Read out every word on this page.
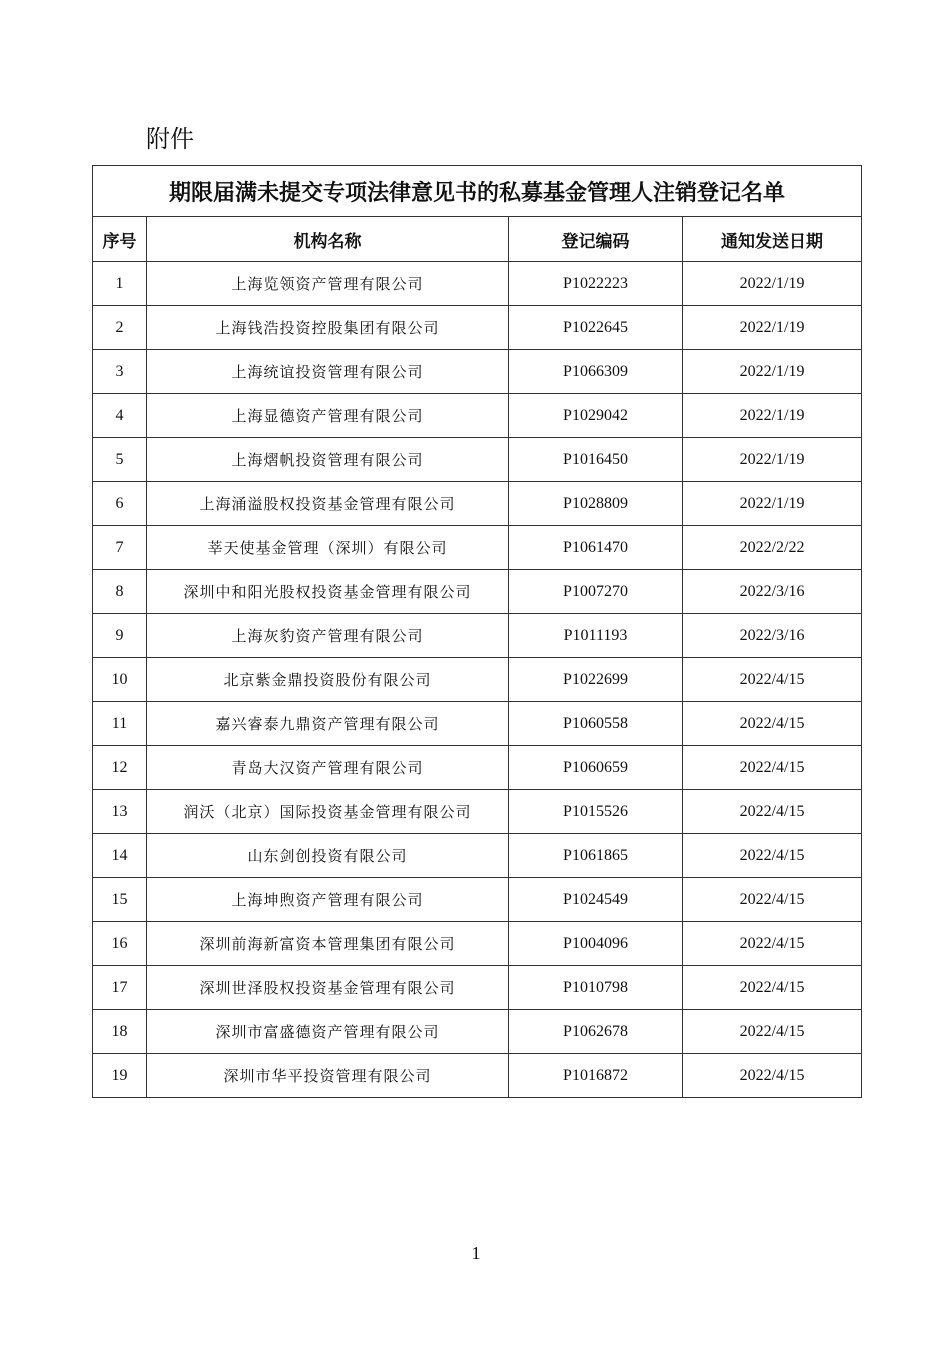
附件
期限届满未提交专项法律意见书的私募基金管理人注销登记名单			
序号	机构名称	登记编码	通知发送日期
1	上海览领资产管理有限公司	P1022223	2022/1/19
2	上海钱浩投资控股集团有限公司	P1022645	2022/1/19
3	上海统谊投资管理有限公司	P1066309	2022/1/19
4	上海显德资产管理有限公司	P1029042	2022/1/19
5	上海熠帆投资管理有限公司	P1016450	2022/1/19
6	上海涌溢股权投资基金管理有限公司	P1028809	2022/1/19
7	莘天使基金管理（深圳）有限公司	P1061470	2022/2/22
8	深圳中和阳光股权投资基金管理有限公司	P1007270	2022/3/16
9	上海灰豹资产管理有限公司	P1011193	2022/3/16
10	北京紫金鼎投资股份有限公司	P1022699	2022/4/15
11	嘉兴睿泰九鼎资产管理有限公司	P1060558	2022/4/15
12	青岛大汉资产管理有限公司	P1060659	2022/4/15
13	润沃（北京）国际投资基金管理有限公司	P1015526	2022/4/15
14	山东剑创投资有限公司	P1061865	2022/4/15
15	上海坤煦资产管理有限公司	P1024549	2022/4/15
16	深圳前海新富资本管理集团有限公司	P1004096	2022/4/15
17	深圳世泽股权投资基金管理有限公司	P1010798	2022/4/15
18	深圳市富盛德资产管理有限公司	P1062678	2022/4/15
19	深圳市华平投资管理有限公司	P1016872	2022/4/15
1
